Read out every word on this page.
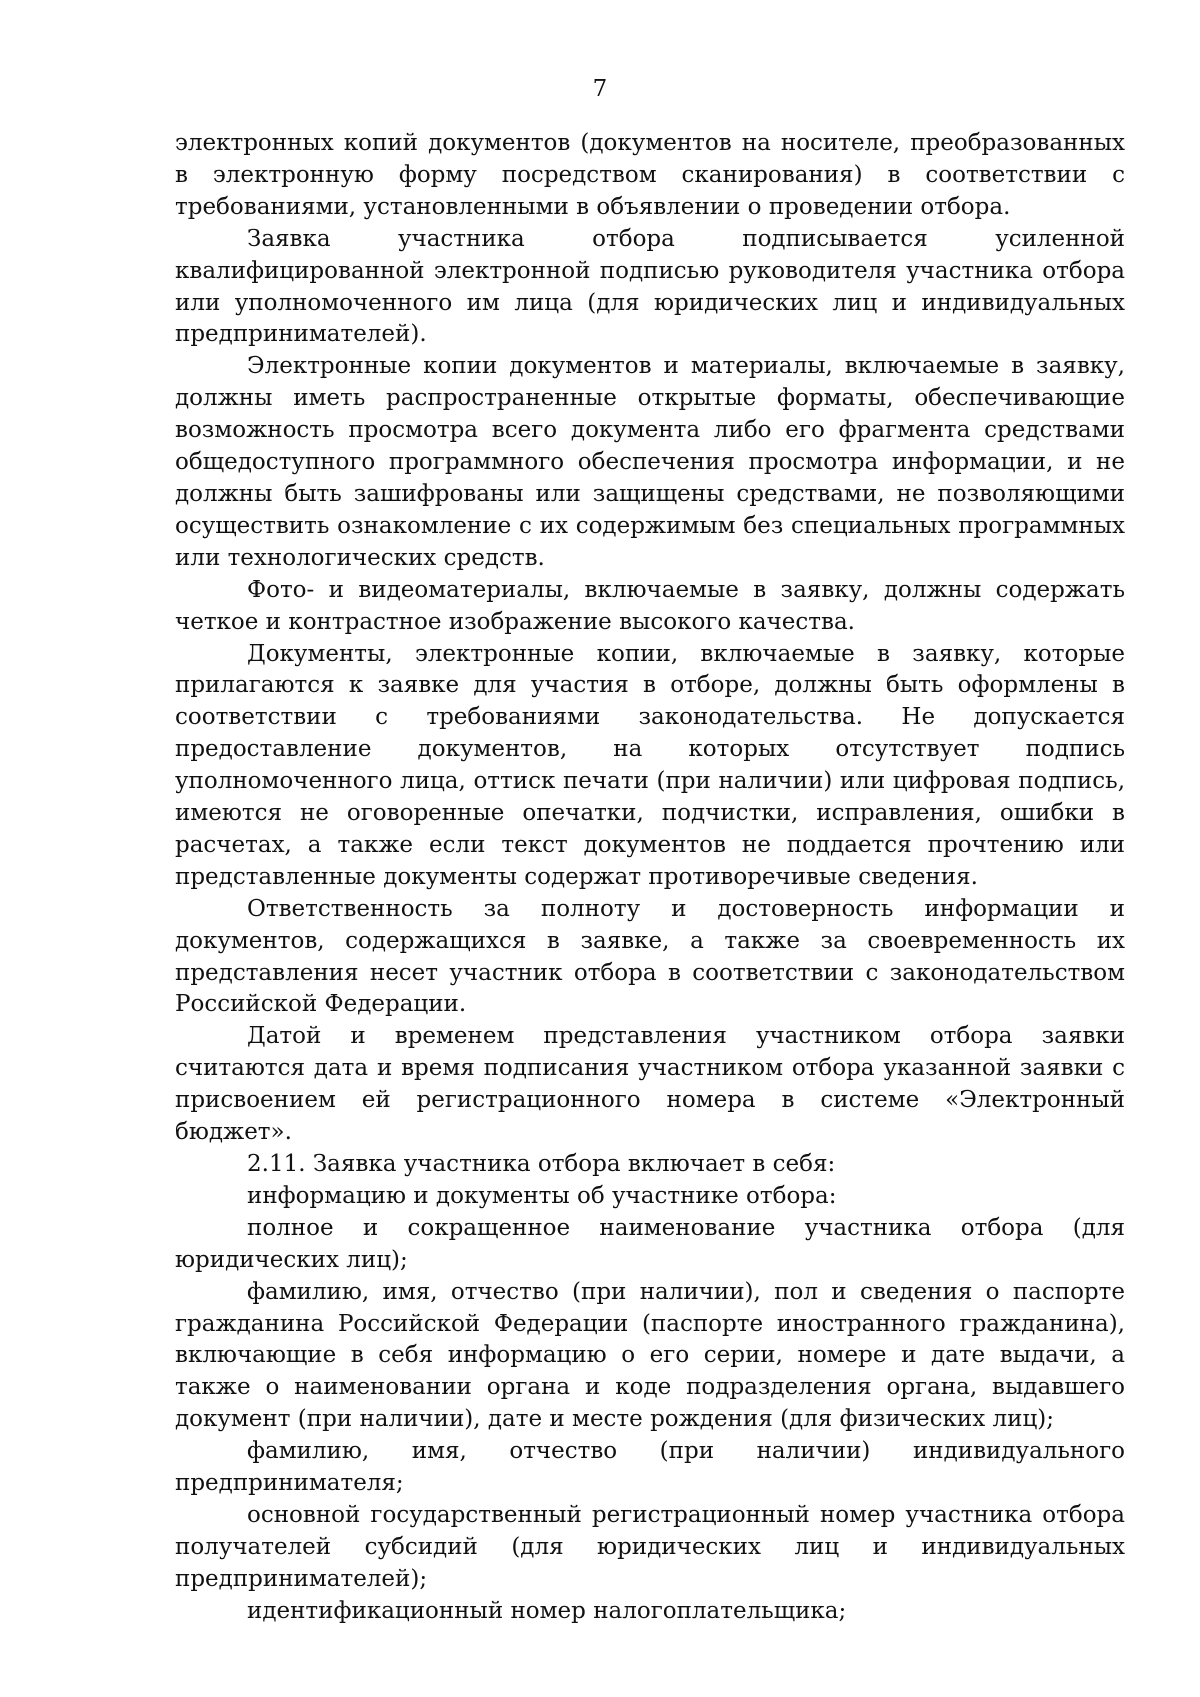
7

электронных копий документов (документов на носителе, преобразованных в электронную форму посредством сканирования) в соответствии с требованиями, установленными в объявлении о проведении отбора.

Заявка участника отбора подписывается усиленной квалифицированной электронной подписью руководителя участника отбора или уполномоченного им лица (для юридических лиц и индивидуальных предпринимателей).

Электронные копии документов и материалы, включаемые в заявку, должны иметь распространенные открытые форматы, обеспечивающие возможность просмотра всего документа либо его фрагмента средствами общедоступного программного обеспечения просмотра информации, и не должны быть зашифрованы или защищены средствами, не позволяющими осуществить ознакомление с их содержимым без специальных программных или технологических средств.

Фото- и видеоматериалы, включаемые в заявку, должны содержать четкое и контрастное изображение высокого качества.

Документы, электронные копии, включаемые в заявку, которые прилагаются к заявке для участия в отборе, должны быть оформлены в соответствии с требованиями законодательства. Не допускается предоставление документов, на которых отсутствует подпись уполномоченного лица, оттиск печати (при наличии) или цифровая подпись, имеются не оговоренные опечатки, подчистки, исправления, ошибки в расчетах, а также если текст документов не поддается прочтению или представленные документы содержат противоречивые сведения.

Ответственность за полноту и достоверность информации и документов, содержащихся в заявке, а также за своевременность их представления несет участник отбора в соответствии с законодательством Российской Федерации.

Датой и временем представления участником отбора заявки считаются дата и время подписания участником отбора указанной заявки с присвоением ей регистрационного номера в системе «Электронный бюджет».

2.11. Заявка участника отбора включает в себя:

информацию и документы об участнике отбора:

полное и сокращенное наименование участника отбора (для юридических лиц);

фамилию, имя, отчество (при наличии), пол и сведения о паспорте гражданина Российской Федерации (паспорте иностранного гражданина), включающие в себя информацию о его серии, номере и дате выдачи, а также о наименовании органа и коде подразделения органа, выдавшего документ (при наличии), дате и месте рождения (для физических лиц);

фамилию, имя, отчество (при наличии) индивидуального предпринимателя;

основной государственный регистрационный номер участника отбора получателей субсидий (для юридических лиц и индивидуальных предпринимателей);

идентификационный номер налогоплательщика;
